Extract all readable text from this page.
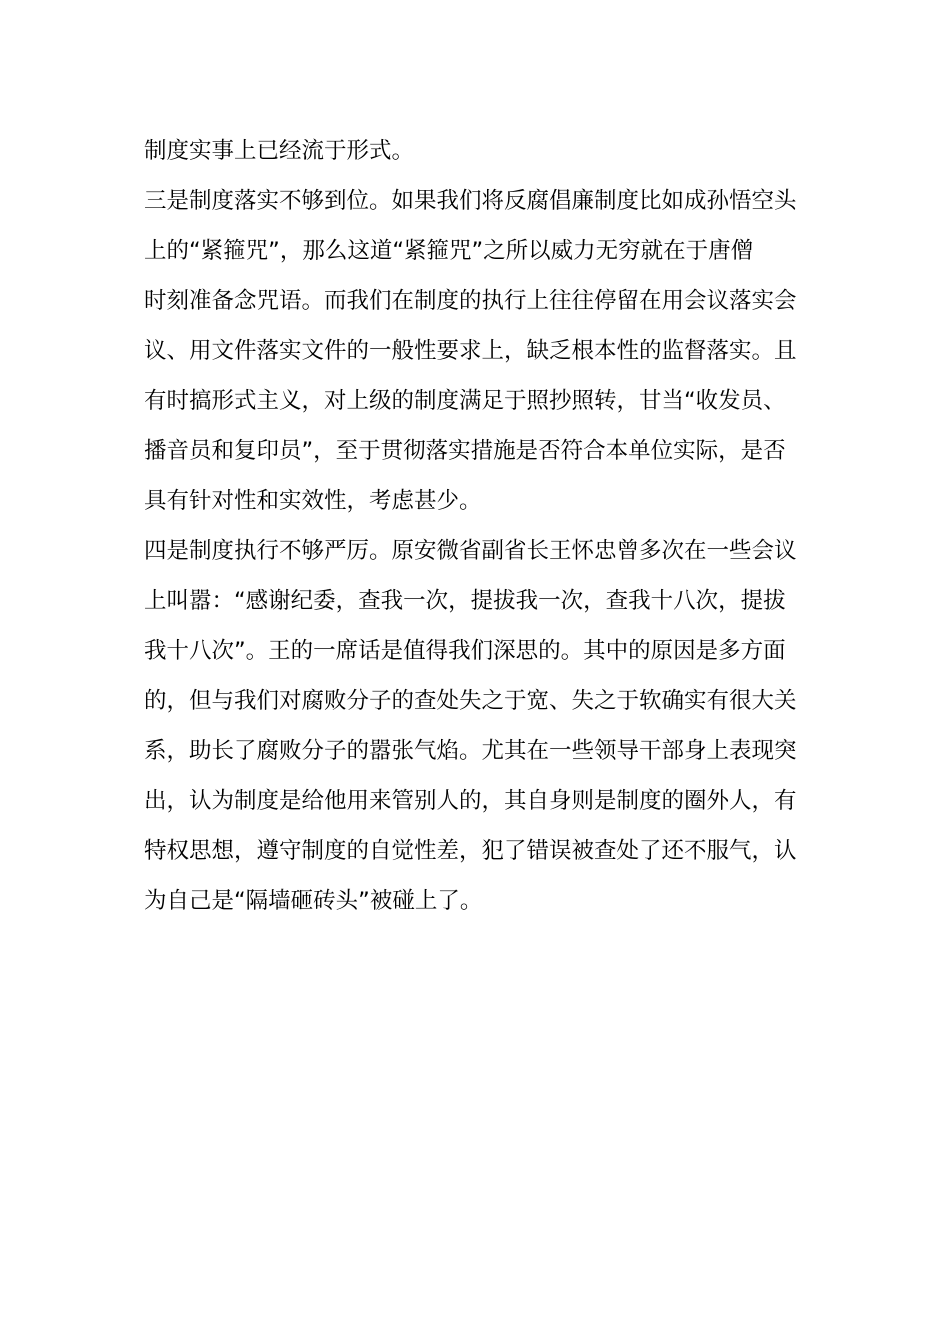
制度实事上已经流于形式。
三是制度落实不够到位。如果我们将反腐倡廉制度比如成孙悟空头
上的“紧箍咒”，那么这道“紧箍咒”之所以威力无穷就在于唐僧
时刻准备念咒语。而我们在制度的执行上往往停留在用会议落实会
议、用文件落实文件的一般性要求上，缺乏根本性的监督落实。且
有时搞形式主义，对上级的制度满足于照抄照转，甘当“收发员、
播音员和复印员”，至于贯彻落实措施是否符合本单位实际，是否
具有针对性和实效性，考虑甚少。
四是制度执行不够严厉。原安微省副省长王怀忠曾多次在一些会议
上叫嚣：“感谢纪委，查我一次，提拔我一次，查我十八次，提拔
我十八次”。王的一席话是值得我们深思的。其中的原因是多方面
的，但与我们对腐败分子的查处失之于宽、失之于软确实有很大关
系，助长了腐败分子的嚣张气焰。尤其在一些领导干部身上表现突
出，认为制度是给他用来管别人的，其自身则是制度的圈外人，有
特权思想，遵守制度的自觉性差，犯了错误被查处了还不服气，认
为自己是“隔墙砸砖头”被碰上了。
